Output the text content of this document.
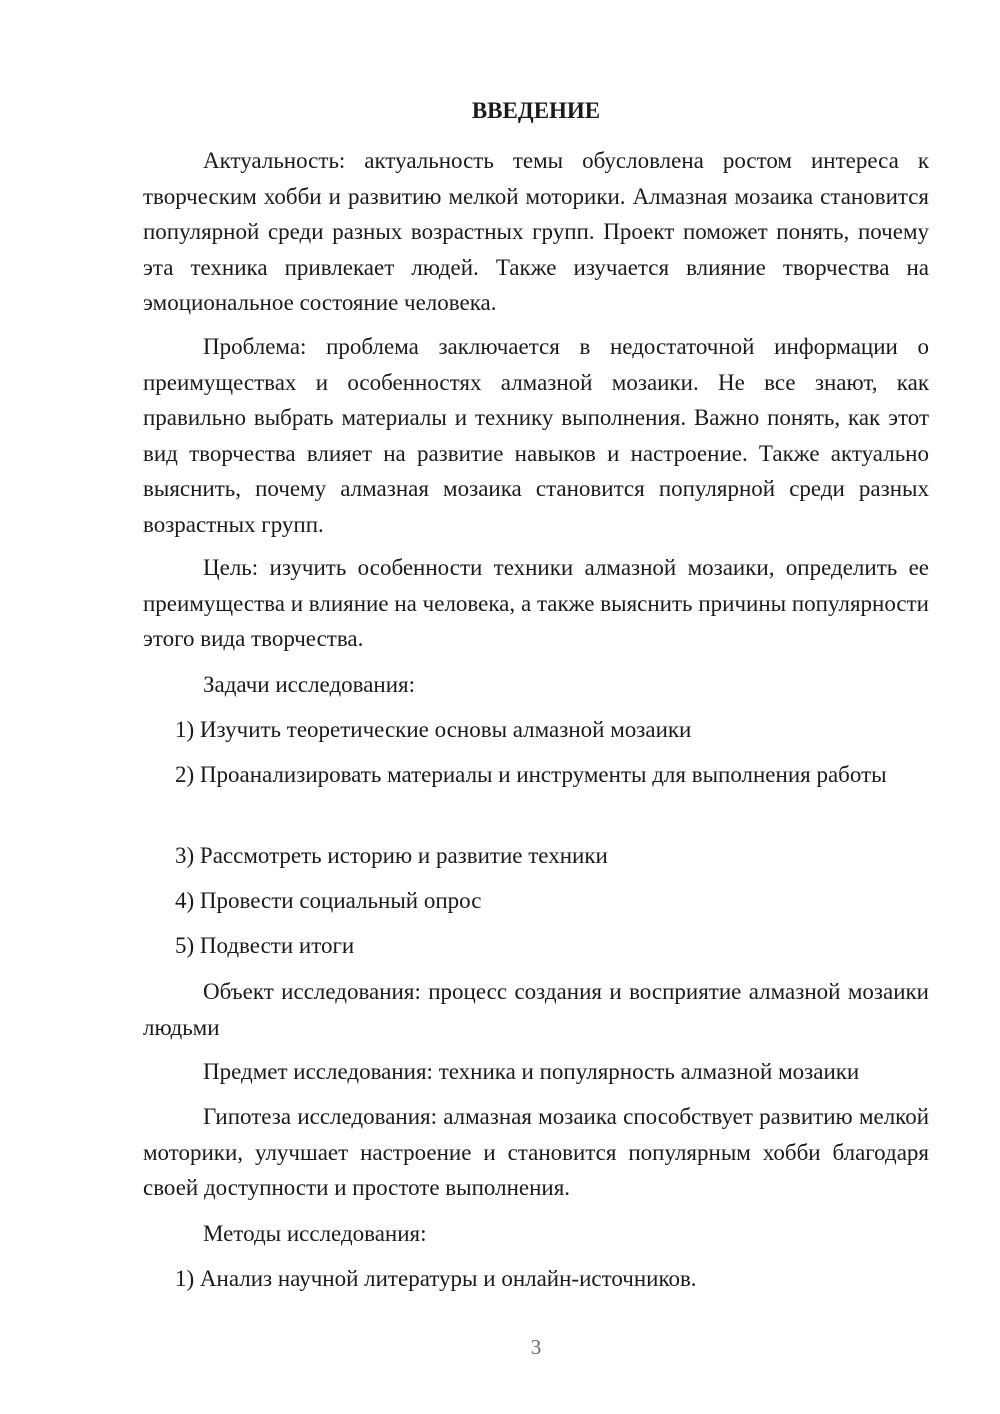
ВВЕДЕНИЕ

Актуальность: актуальность темы обусловлена ростом интереса к творческим хобби и развитию мелкой моторики. Алмазная мозаика становится популярной среди разных возрастных групп. Проект поможет понять, почему эта техника привлекает людей. Также изучается влияние творчества на эмоциональное состояние человека.

Проблема: проблема заключается в недостаточной информации о преимуществах и особенностях алмазной мозаики. Не все знают, как правильно выбрать материалы и технику выполнения. Важно понять, как этот вид творчества влияет на развитие навыков и настроение. Также актуально выяснить, почему алмазная мозаика становится популярной среди разных возрастных групп.

Цель: изучить особенности техники алмазной мозаики, определить ее преимущества и влияние на человека, а также выяснить причины популярности этого вида творчества.

Задачи исследования:

1) Изучить теоретические основы алмазной мозаики

2) Проанализировать материалы и инструменты для выполнения работы

3) Рассмотреть историю и развитие техники

4) Провести социальный опрос

5) Подвести итоги

Объект исследования: процесс создания и восприятие алмазной мозаики людьми

Предмет исследования: техника и популярность алмазной мозаики

Гипотеза исследования: алмазная мозаика способствует развитию мелкой моторики, улучшает настроение и становится популярным хобби благодаря своей доступности и простоте выполнения.

Методы исследования:

1) Анализ научной литературы и онлайн-источников.

3
